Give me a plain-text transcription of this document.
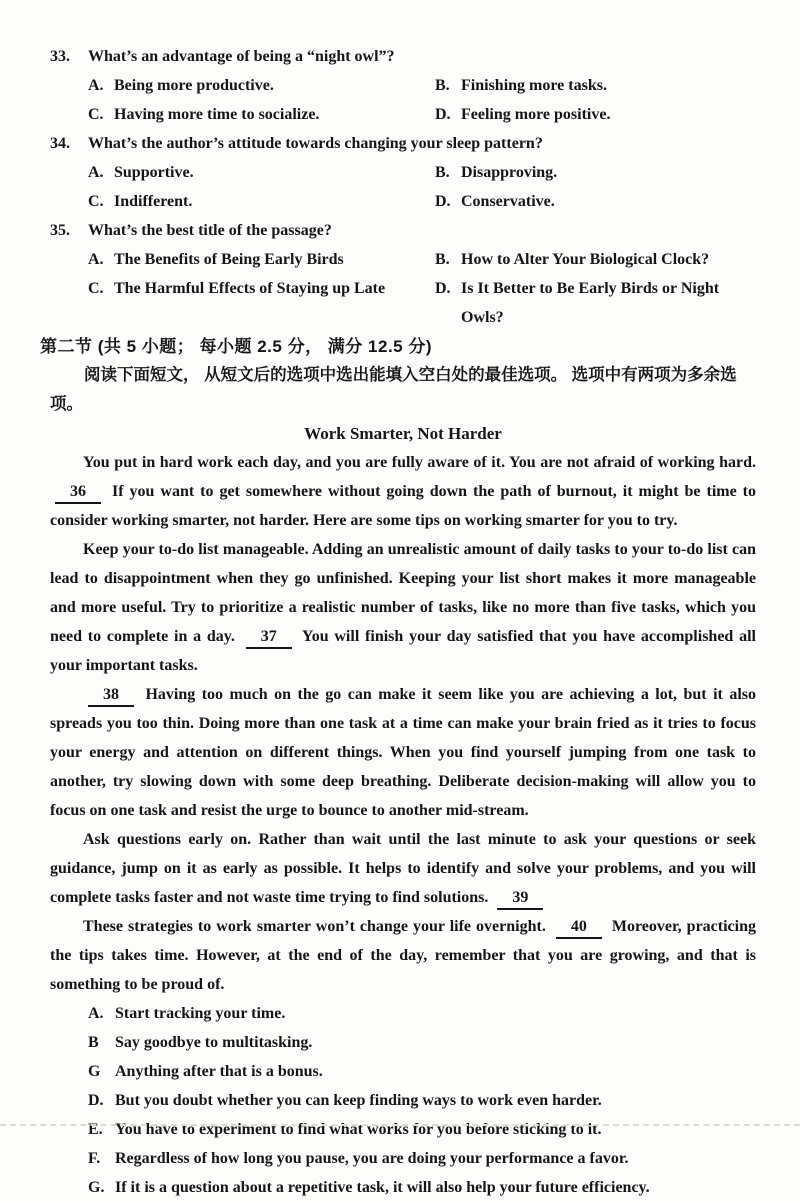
33.	What’s an advantage of being a “night owl”?
A. Being more productive.	B. Finishing more tasks.
C. Having more time to socialize.	D. Feeling more positive.
34.	What’s the author’s attitude towards changing your sleep pattern?
A. Supportive.	B. Disapproving.
C. Indifferent.	D. Conservative.
35.	What’s the best title of the passage?
A. The Benefits of Being Early Birds	B. How to Alter Your Biological Clock?
C. The Harmful Effects of Staying up Late	D. Is It Better to Be Early Birds or Night Owls?
第二节 (共 5 小题； 每小题 2.5 分， 满分 12.5 分)
阅读下面短文， 从短文后的选项中选出能填入空白处的最佳选项。 选项中有两项为多余选项。
Work Smarter, Not Harder
You put in hard work each day, and you are fully aware of it. You are not afraid of working hard. 36 If you want to get somewhere without going down the path of burnout, it might be time to consider working smarter, not harder. Here are some tips on working smarter for you to try.
Keep your to-do list manageable. Adding an unrealistic amount of daily tasks to your to-do list can lead to disappointment when they go unfinished. Keeping your list short makes it more manageable and more useful. Try to prioritize a realistic number of tasks, like no more than five tasks, which you need to complete in a day. 37 You will finish your day satisfied that you have accomplished all your important tasks.
38 Having too much on the go can make it seem like you are achieving a lot, but it also spreads you too thin. Doing more than one task at a time can make your brain fried as it tries to focus your energy and attention on different things. When you find yourself jumping from one task to another, try slowing down with some deep breathing. Deliberate decision-making will allow you to focus on one task and resist the urge to bounce to another mid-stream.
Ask questions early on. Rather than wait until the last minute to ask your questions or seek guidance, jump on it as early as possible. It helps to identify and solve your problems, and you will complete tasks faster and not waste time trying to find solutions. 39
These strategies to work smarter won’t change your life overnight. 40 Moreover, practicing the tips takes time. However, at the end of the day, remember that you are growing, and that is something to be proud of.
A. Start tracking your time.
B	Say goodbye to multitasking.
G Anything after that is a bonus.
D. But you doubt whether you can keep finding ways to work even harder.
E. You have to experiment to find what works for you before sticking to it.
F. Regardless of how long you pause, you are doing your performance a favor.
G. If it is a question about a repetitive task, it will also help your future efficiency.
